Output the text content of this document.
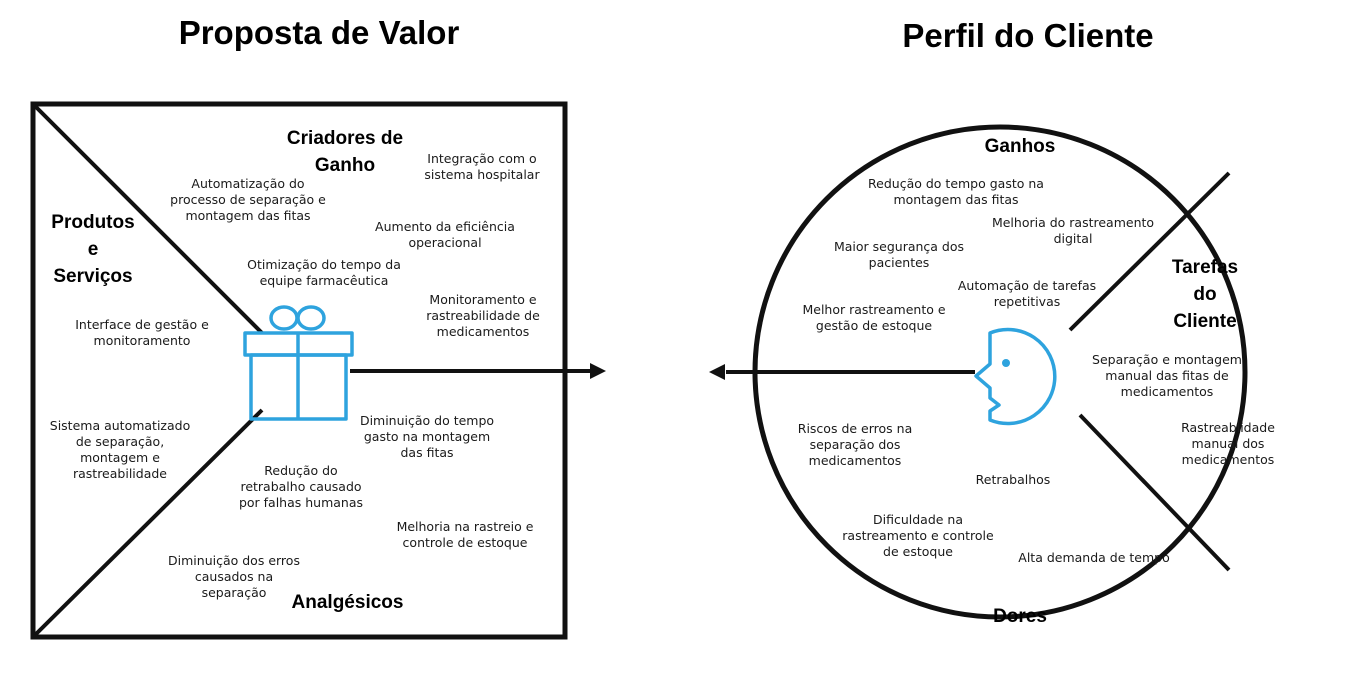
Proposta de Valor	Perfil do Cliente
Criadores de
Ganho
Produtos
e
Serviços
Analgésicos
Integração com o
sistema hospitalar
Automatização do
processo de separação e
montagem das fitas
Aumento da eficiência
operacional
Otimização do tempo da
equipe farmacêutica
Monitoramento e
rastreabilidade de
medicamentos
Interface de gestão e
monitoramento
Sistema automatizado
de separação,
montagem e
rastreabilidade
Diminuição do tempo
gasto na montagem
das fitas
Redução do
retrabalho causado
por falhas humanas
Melhoria na rastreio e
controle de estoque
Diminuição dos erros
causados na
separação
Ganhos
Tarefas
do
Cliente
Dores
Redução do tempo gasto na
montagem das fitas
Melhoria do rastreamento
digital
Maior segurança dos
pacientes
Automação de tarefas
repetitivas
Melhor rastreamento e
gestão de estoque
Separação e montagem
manual das fitas de
medicamentos
Rastreablidade
manual dos
medicamentos
Riscos de erros na
separação dos
medicamentos
Retrabalhos
Dificuldade na
rastreamento e controle
de estoque	Alta demanda de tempo
